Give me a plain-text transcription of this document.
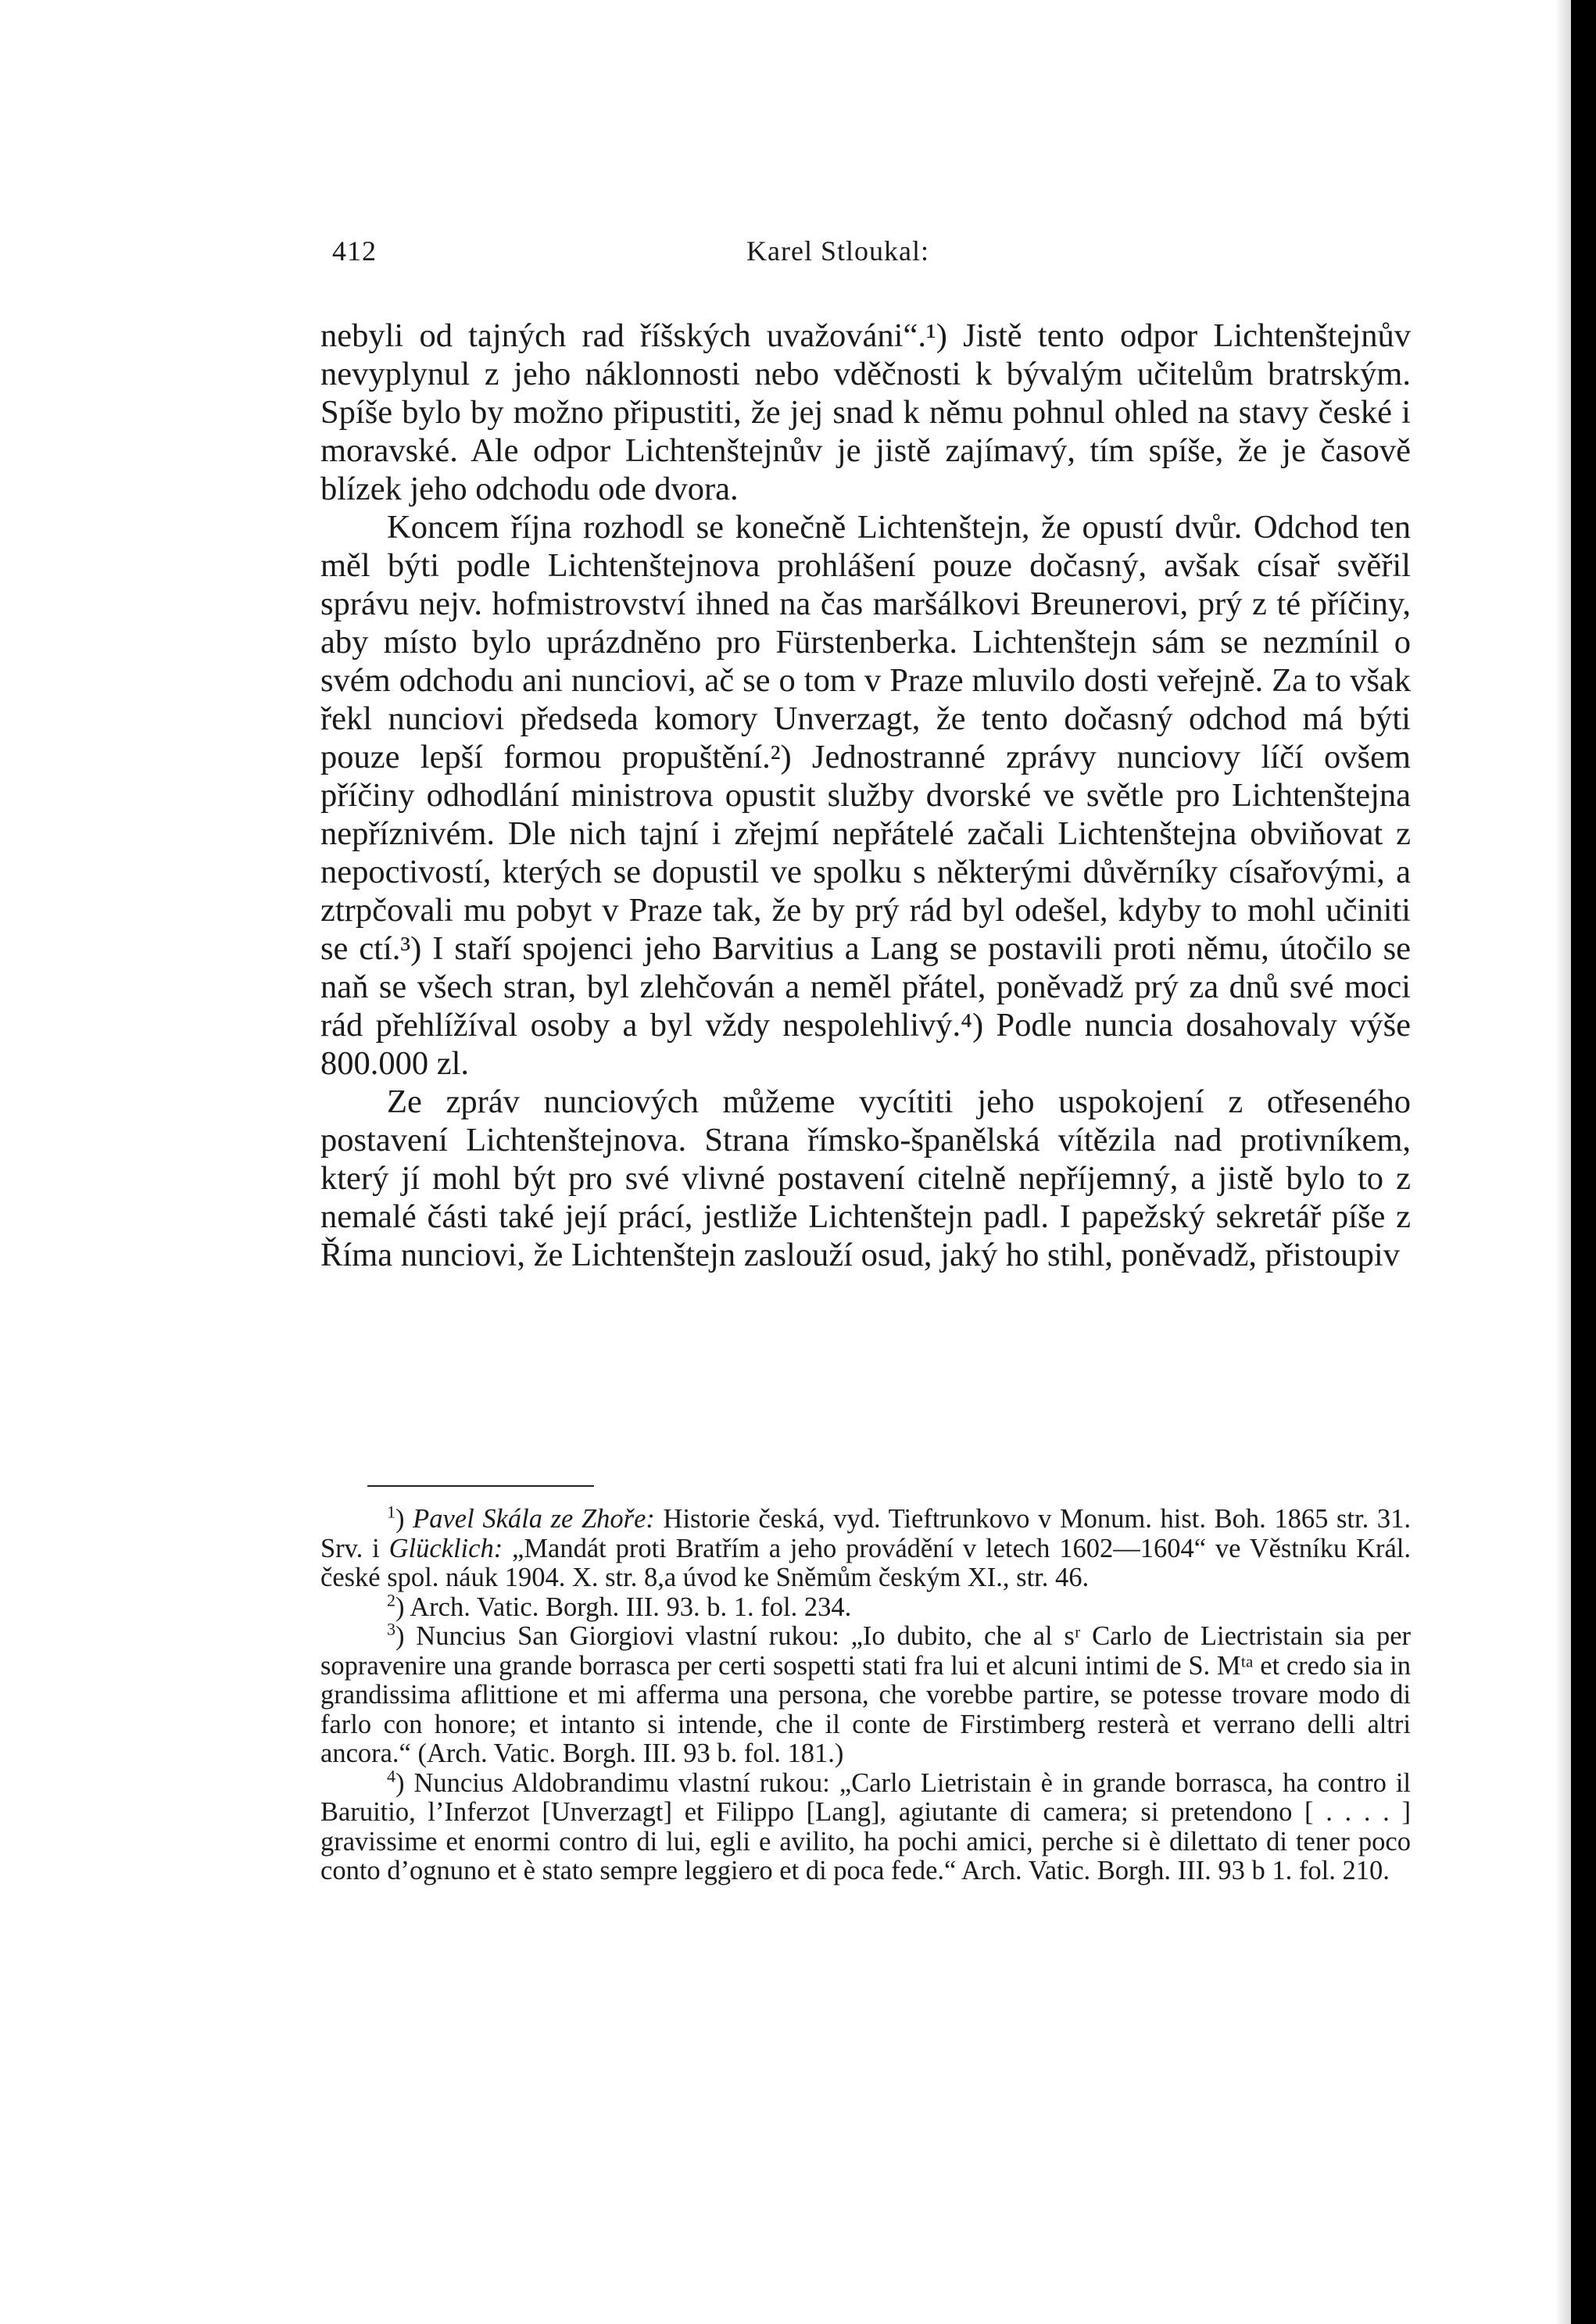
412	Karel Stloukal:

nebyli od tajných rad říšských uvažováni“.¹) Jistě tento odpor Lichtenštejnův nevyplynul z jeho náklonnosti nebo vděčnosti k bývalým učitelům bratrským. Spíše bylo by možno připustiti, že jej snad k němu pohnul ohled na stavy české i moravské. Ale odpor Lichtenštejnův je jistě zajímavý, tím spíše, že je časově blízek jeho odchodu ode dvora.

Koncem října rozhodl se konečně Lichtenštejn, že opustí dvůr. Odchod ten měl býti podle Lichtenštejnova prohlášení pouze dočasný, avšak císař svěřil správu nejv. hofmistrovství ihned na čas maršálkovi Breunerovi, prý z té příčiny, aby místo bylo uprázdněno pro Fürstenberka. Lichtenštejn sám se nezmínil o svém odchodu ani nunciovi, ač se o tom v Praze mluvilo dosti veřejně. Za to však řekl nunciovi předseda komory Unverzagt, že tento dočasný odchod má býti pouze lepší formou propuštění.²) Jednostranné zprávy nunciovy líčí ovšem příčiny odhodlání ministrova opustit služby dvorské ve světle pro Lichtenštejna nepříznivém. Dle nich tajní i zřejmí nepřátelé začali Lichtenštejna obviňovat z nepoctivostí, kterých se dopustil ve spolku s některými důvěrníky císařovými, a ztrpčovali mu pobyt v Praze tak, že by prý rád byl odešel, kdyby to mohl učiniti se ctí.³) I staří spojenci jeho Barvitius a Lang se postavili proti němu, útočilo se naň se všech stran, byl zlehčován a neměl přátel, poněvadž prý za dnů své moci rád přehlížíval osoby a byl vždy nespolehlivý.⁴) Podle nuncia dosahovaly výše 800.000 zl.

Ze zpráv nunciových můžeme vycítiti jeho uspokojení z otřeseného postavení Lichtenštejnova. Strana římsko-španělská vítězila nad protivníkem, který jí mohl být pro své vlivné postavení citelně nepříjemný, a jistě bylo to z nemalé části také její prácí, jestliže Lichtenštejn padl. I papežský sekretář píše z Říma nunciovi, že Lichtenštejn zaslouží osud, jaký ho stihl, poněvadž, přistoupiv

$^1$) Pavel Skála ze Zhoře: Historie česká, vyd. Tieftrunkovo v Monum. hist. Boh. 1865 str. 31. Srv. i Glücklich: „Mandát proti Bratřím a jeho provádění v letech 1602—1604“ ve Věstníku Král. české spol. náuk 1904. X. str. 8,a úvod ke Sněmům českým XI., str. 46.

$^2$) Arch. Vatic. Borgh. III. 93. b. 1. fol. 234.

$^3$) Nuncius San Giorgiovi vlastní rukou: „Io dubito, che al sʳ Carlo de Liectristain sia per sopravenire una grande borrasca per certi sospetti stati fra lui et alcuni intimi de S. Mᵗᵃ et credo sia in grandissima aflittione et mi afferma una persona, che vorebbe partire, se potesse trovare modo di farlo con honore; et intanto si intende, che il conte de Firstimberg resterà et verrano delli altri ancora.“ (Arch. Vatic. Borgh. III. 93 b. fol. 181.)

$^4$) Nuncius Aldobrandimu vlastní rukou: „Carlo Lietristain è in grande borrasca, ha contro il Baruitio, l’Inferzot [Unverzagt] et Filippo [Lang], agiutante di camera; si pretendono [ . . . . ] gravissime et enormi contro di lui, egli e avilito, ha pochi amici, perche si è dilettato di tener poco conto d’ognuno et è stato sempre leggiero et di poca fede.“ Arch. Vatic. Borgh. III. 93 b 1. fol. 210.
